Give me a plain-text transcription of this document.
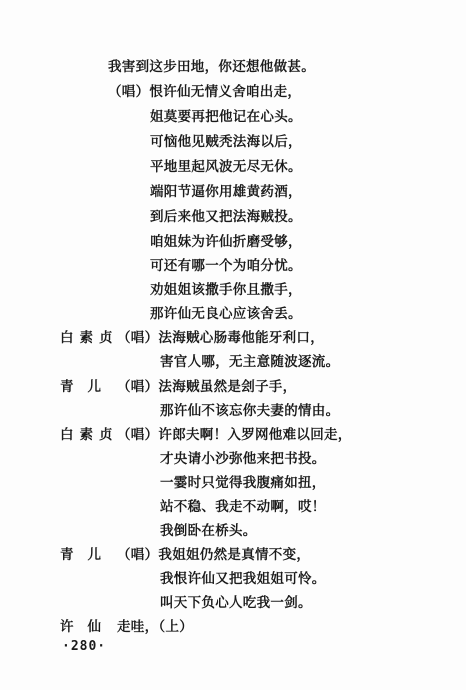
我害到这步田地，你还想他做甚。
（唱）恨许仙无情义舍咱出走，
姐莫要再把他记在心头。
可恼他见贼秃法海以后，
平地里起风波无尽无休。
端阳节逼你用雄黄药酒，
到后来他又把法海贼投。
咱姐妹为许仙折磨受够，
可还有哪一个为咱分忧。
劝姐姐该撒手你且撒手，
那许仙无良心应该舍丢。
白素贞
（唱）法海贼心肠毒他能牙利口，
害官人哪，无主意随波逐流。
青儿 （唱）法海贼虽然是刽子手，
那许仙不该忘你夫妻的情由。
白素贞
（唱）许郎夫啊！入罗网他难以回走，
才央请小沙弥他来把书投。
一霎时只觉得我腹痛如扭，
站不稳、我走不动啊，哎！
我倒卧在桥头。
青儿 （唱）我姐姐仍然是真情不变，
我恨许仙又把我姐姐可怜。
叫天下负心人吃我一剑。
许仙 走哇，（上）
·280·
